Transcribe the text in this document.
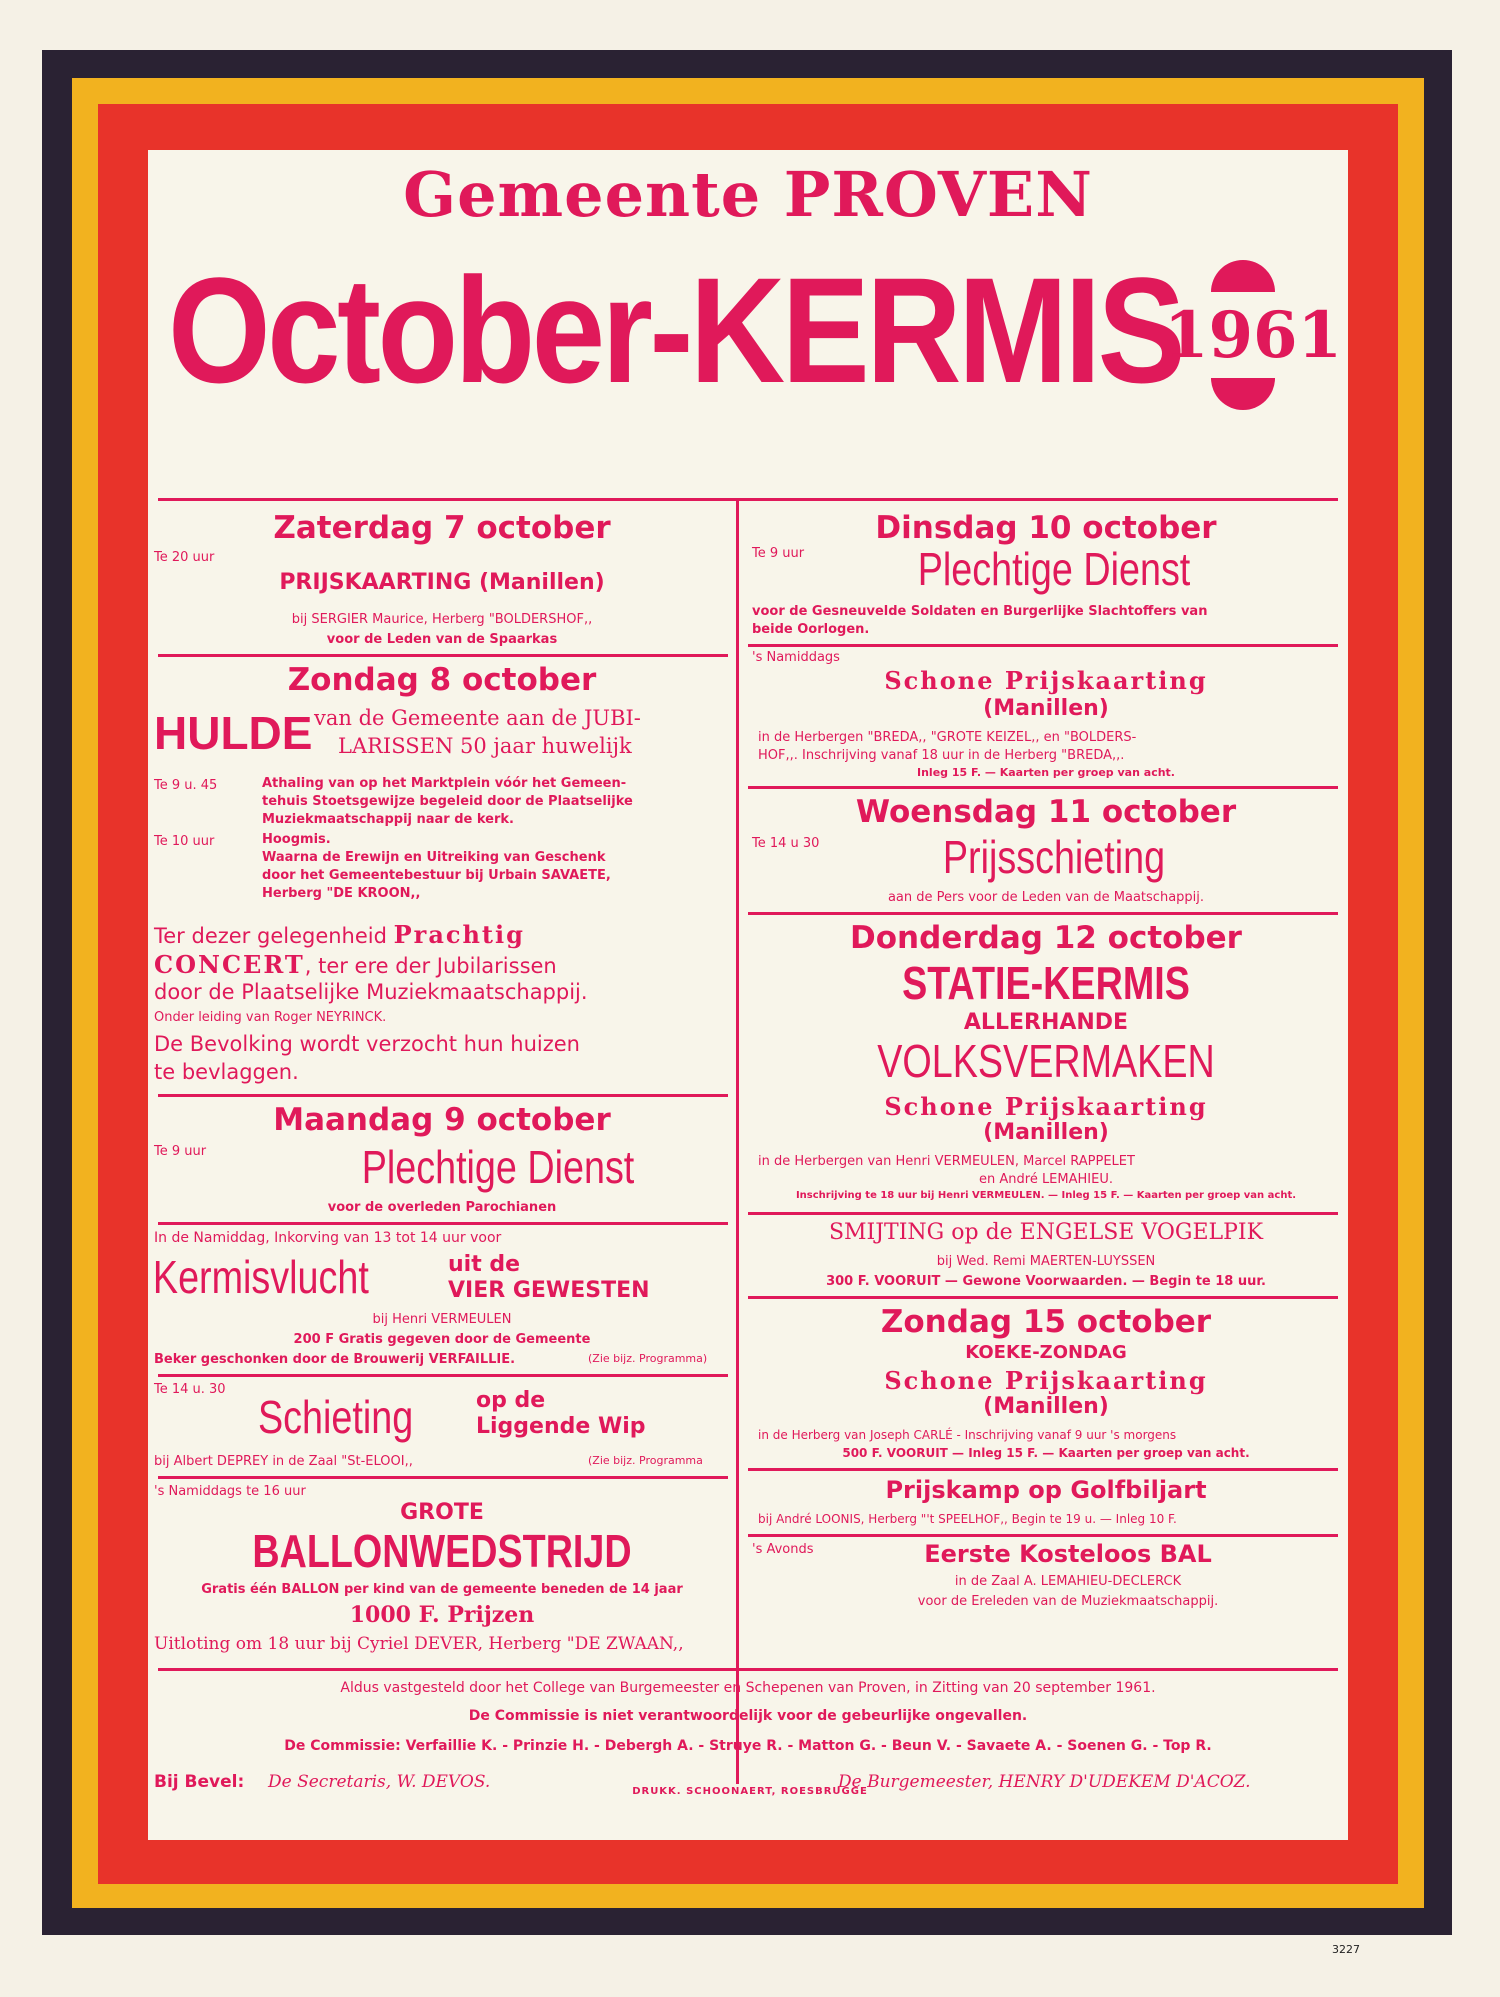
Gemeente PROVEN
October-KERMIS
1961
Zaterdag 7 october
Te 20 uur
PRIJSKAARTING (Manillen)
bij SERGIER Maurice, Herberg "BOLDERSHOF,,
voor de Leden van de Spaarkas
Zondag 8 october
HULDE van de Gemeente aan de JUBI-
LARISSEN 50 jaar huwelijk
Te 9 u. 45	Athaling van op het Marktplein vóór het Gemeen-
tehuis Stoetsgewijze begeleid door de Plaatselijke
Muziekmaatschappij naar de kerk.
Te 10 uur	Hoogmis.
Waarna de Erewijn en Uitreiking van Geschenk
door het Gemeentebestuur bij Urbain SAVAETE,
Herberg "DE KROON,,
Ter dezer gelegenheid Prachtig
CONCERT, ter ere der Jubilarissen
door de Plaatselijke Muziekmaatschappij.
Onder leiding van Roger NEYRINCK.
De Bevolking wordt verzocht hun huizen
te bevlaggen.
Maandag 9 october
Te 9 uur	Plechtige Dienst
voor de overleden Parochianen
In de Namiddag, Inkorving van 13 tot 14 uur voor
Kermisvlucht	uit de
VIER GEWESTEN
bij Henri VERMEULEN
200 F Gratis gegeven door de Gemeente
Beker geschonken door de Brouwerij VERFAILLIE.	(Zie bijz. Programma)
Te 14 u. 30
Schieting	op de
Liggende Wip
bij Albert DEPREY in de Zaal "St-ELOOI,,	(Zie bijz. Programma
's Namiddags te 16 uur
GROTE
BALLONWEDSTRIJD
Gratis één BALLON per kind van de gemeente beneden de 14 jaar
1000 F. Prijzen
Uitloting om 18 uur bij Cyriel DEVER, Herberg "DE ZWAAN,,
Dinsdag 10 october
Te 9 uur	Plechtige Dienst
voor de Gesneuvelde Soldaten en Burgerlijke Slachtoffers van
beide Oorlogen.
's Namiddags
Schone Prijskaarting
(Manillen)
in de Herbergen "BREDA,, "GROTE KEIZEL,, en "BOLDERS-
HOF,,. Inschrijving vanaf 18 uur in de Herberg "BREDA,,.
Inleg 15 F. — Kaarten per groep van acht.
Woensdag 11 october
Te 14 u 30	Prijsschieting
aan de Pers voor de Leden van de Maatschappij.
Donderdag 12 october
STATIE-KERMIS
ALLERHANDE
VOLKSVERMAKEN
Schone Prijskaarting
(Manillen)
in de Herbergen van Henri VERMEULEN, Marcel RAPPELET
en André LEMAHIEU.
Inschrijving te 18 uur bij Henri VERMEULEN. — Inleg 15 F. — Kaarten per groep van acht.
SMIJTING op de ENGELSE VOGELPIK
bij Wed. Remi MAERTEN-LUYSSEN
300 F. VOORUIT — Gewone Voorwaarden. — Begin te 18 uur.
Zondag 15 october
KOEKE-ZONDAG
Schone Prijskaarting
(Manillen)
in de Herberg van Joseph CARLÉ - Inschrijving vanaf 9 uur 's morgens
500 F. VOORUIT — Inleg 15 F. — Kaarten per groep van acht.
Prijskamp op Golfbiljart
bij André LOONIS, Herberg "'t SPEELHOF,, Begin te 19 u. — Inleg 10 F.
's Avonds	Eerste Kosteloos BAL
in de Zaal A. LEMAHIEU-DECLERCK
voor de Ereleden van de Muziekmaatschappij.
Aldus vastgesteld door het College van Burgemeester en Schepenen van Proven, in Zitting van 20 september 1961.
De Commissie is niet verantwoordelijk voor de gebeurlijke ongevallen.
De Commissie: Verfaillie K. - Prinzie H. - Debergh A. - Struye R. - Matton G. - Beun V. - Savaete A. - Soenen G. - Top R.
Bij Bevel: De Secretaris, W. DEVOS.	De Burgemeester, HENRY D'UDEKEM D'ACOZ.
DRUKK. SCHOONAERT, ROESBRUGGE
3227
